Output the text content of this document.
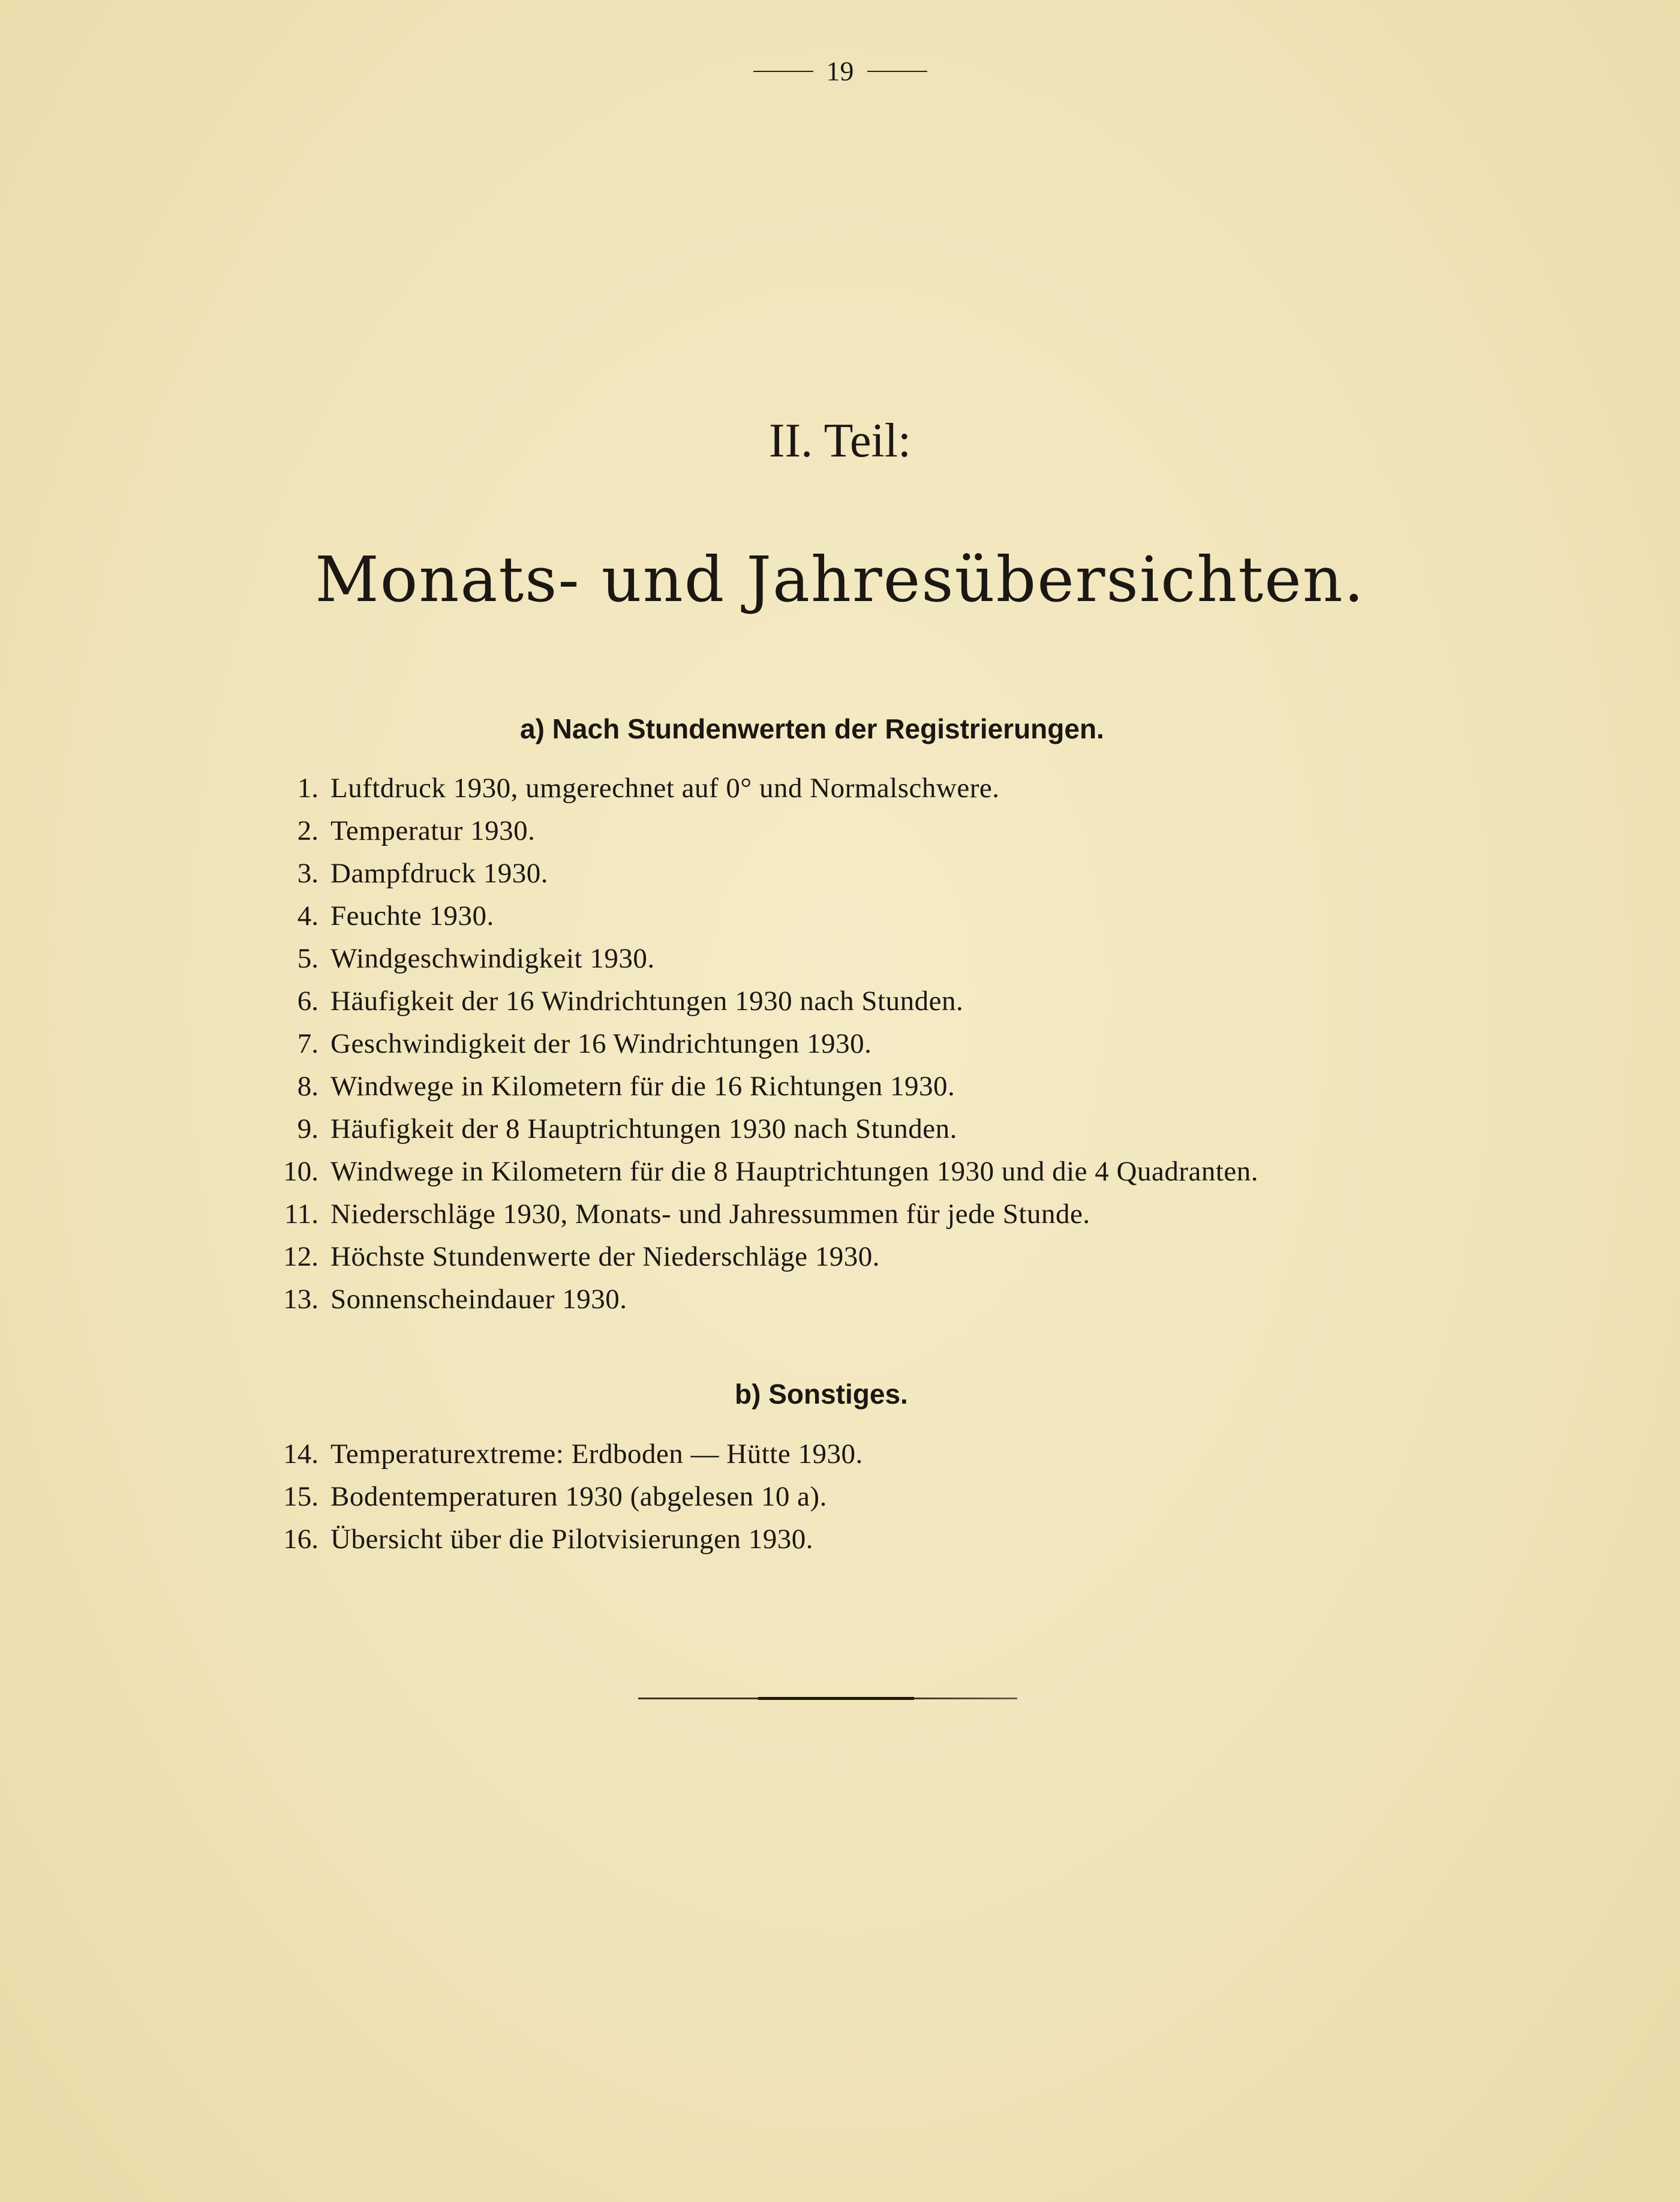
19
II. Teil:
Monats- und Jahresübersichten.
a) Nach Stundenwerten der Registrierungen.
1. Luftdruck 1930, umgerechnet auf 0° und Normalschwere.
2. Temperatur 1930.
3. Dampfdruck 1930.
4. Feuchte 1930.
5. Windgeschwindigkeit 1930.
6. Häufigkeit der 16 Windrichtungen 1930 nach Stunden.
7. Geschwindigkeit der 16 Windrichtungen 1930.
8. Windwege in Kilometern für die 16 Richtungen 1930.
9. Häufigkeit der 8 Hauptrichtungen 1930 nach Stunden.
10. Windwege in Kilometern für die 8 Hauptrichtungen 1930 und die 4 Quadranten.
11. Niederschläge 1930, Monats- und Jahressummen für jede Stunde.
12. Höchste Stundenwerte der Niederschläge 1930.
13. Sonnenscheindauer 1930.
b) Sonstiges.
14. Temperaturextreme: Erdboden — Hütte 1930.
15. Bodentemperaturen 1930 (abgelesen 10 a).
16. Übersicht über die Pilotvisierungen 1930.
